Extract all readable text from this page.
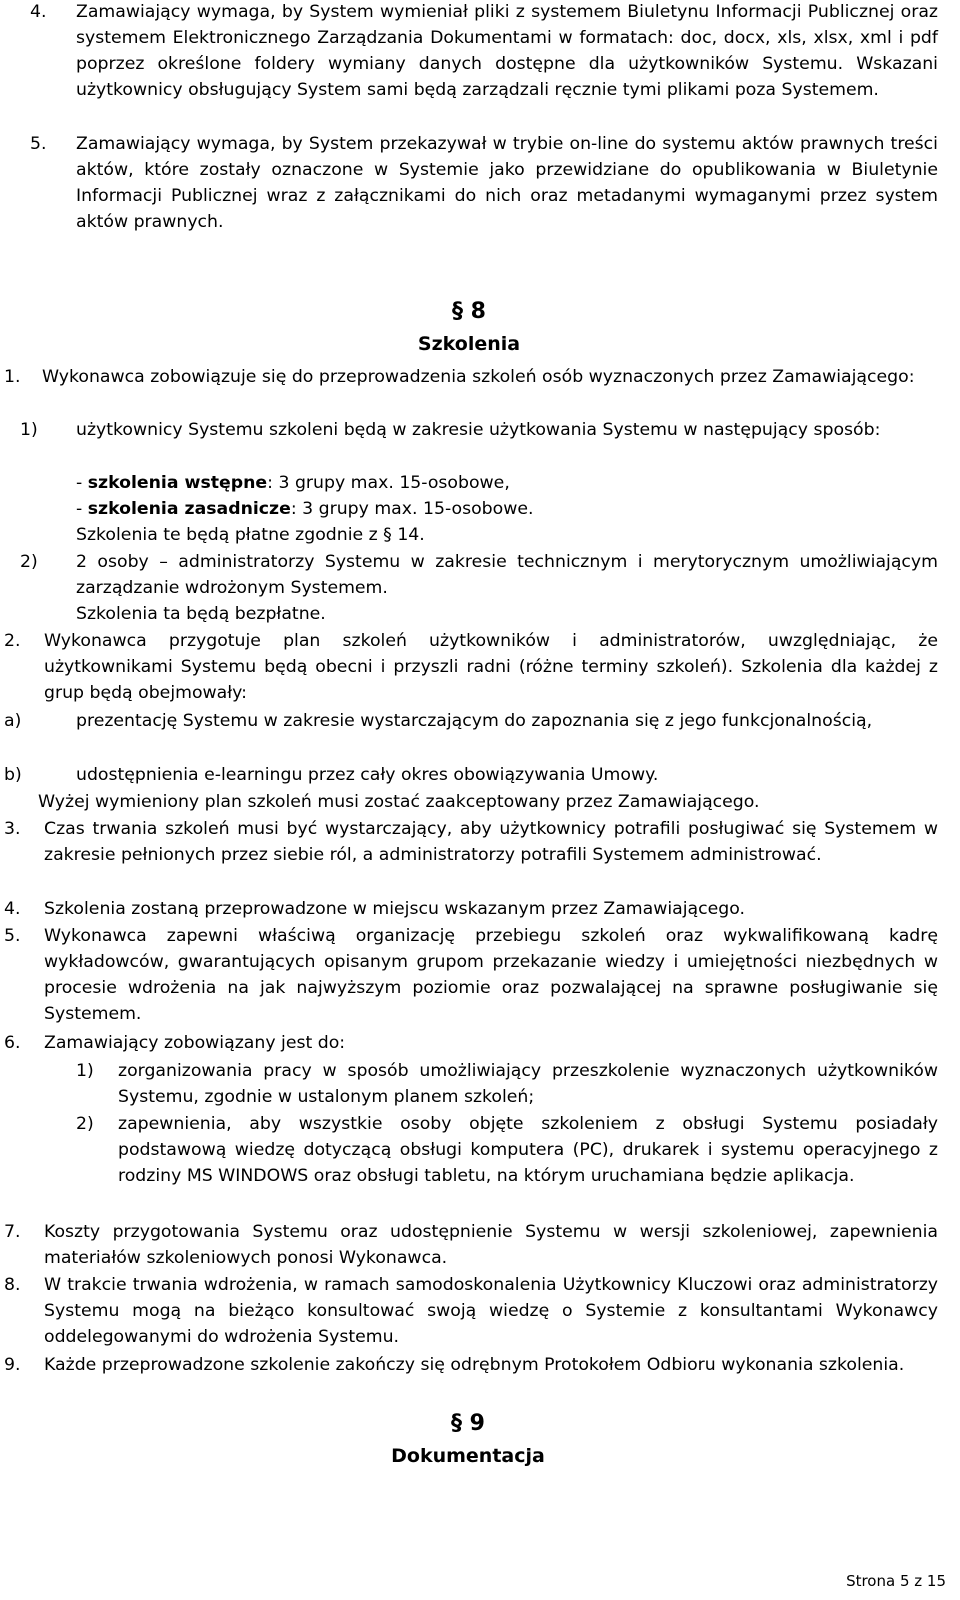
4. Zamawiający wymaga, by System wymieniał pliki z systemem Biuletynu Informacji Publicznej oraz systemem Elektronicznego Zarządzania Dokumentami w formatach: doc, docx, xls, xlsx, xml i pdf poprzez określone foldery wymiany danych dostępne dla użytkowników Systemu. Wskazani użytkownicy obsługujący System sami będą zarządzali ręcznie tymi plikami poza Systemem.
5. Zamawiający wymaga, by System przekazywał w trybie on-line do systemu aktów prawnych treści aktów, które zostały oznaczone w Systemie jako przewidziane do opublikowania w Biuletynie Informacji Publicznej wraz z załącznikami do nich oraz metadanymi wymaganymi przez system aktów prawnych.
§ 8
Szkolenia
1.	Wykonawca zobowiązuje się do przeprowadzenia szkoleń osób wyznaczonych przez Zamawiającego:
1) użytkownicy Systemu szkoleni będą w zakresie użytkowania Systemu w następujący sposób:
- szkolenia wstępne: 3 grupy max. 15-osobowe,
- szkolenia zasadnicze: 3 grupy max. 15-osobowe.
Szkolenia te będą płatne zgodnie z § 14.
2) 2 osoby – administratorzy Systemu w zakresie technicznym i merytorycznym umożliwiającym zarządzanie wdrożonym Systemem.
Szkolenia ta będą bezpłatne.
2. Wykonawca przygotuje plan szkoleń użytkowników i administratorów, uwzględniając, że użytkownikami Systemu będą obecni i przyszli radni (różne terminy szkoleń). Szkolenia dla każdej z grup będą obejmowały:
a)	prezentację Systemu w zakresie wystarczającym do zapoznania się z jego funkcjonalnością,
b)	udostępnienia e-learningu przez cały okres obowiązywania Umowy.
Wyżej wymieniony plan szkoleń musi zostać zaakceptowany przez Zamawiającego.
3. Czas trwania szkoleń musi być wystarczający, aby użytkownicy potrafili posługiwać się Systemem w zakresie pełnionych przez siebie ról, a administratorzy potrafili Systemem administrować.
4. Szkolenia zostaną przeprowadzone w miejscu wskazanym przez Zamawiającego.
5. Wykonawca zapewni właściwą organizację przebiegu szkoleń oraz wykwalifikowaną kadrę wykładowców, gwarantujących opisanym grupom przekazanie wiedzy i umiejętności niezbędnych w procesie wdrożenia na jak najwyższym poziomie oraz pozwalającej na sprawne posługiwanie się Systemem.
6. Zamawiający zobowiązany jest do:
1) zorganizowania pracy w sposób umożliwiający przeszkolenie wyznaczonych użytkowników Systemu, zgodnie w ustalonym planem szkoleń;
2) zapewnienia, aby wszystkie osoby objęte szkoleniem z obsługi Systemu posiadały podstawową wiedzę dotyczącą obsługi komputera (PC), drukarek i systemu operacyjnego z rodziny MS WINDOWS oraz obsługi tabletu, na którym uruchamiana będzie aplikacja.
7. Koszty przygotowania Systemu oraz udostępnienie Systemu w wersji szkoleniowej, zapewnienia materiałów szkoleniowych ponosi Wykonawca.
8. W trakcie trwania wdrożenia, w ramach samodoskonalenia Użytkownicy Kluczowi oraz administratorzy Systemu mogą na bieżąco konsultować swoją wiedzę o Systemie z konsultantami Wykonawcy oddelegowanymi do wdrożenia Systemu.
9. Każde przeprowadzone szkolenie zakończy się odrębnym Protokołem Odbioru wykonania szkolenia.
§ 9
Dokumentacja
Strona 5 z 15
